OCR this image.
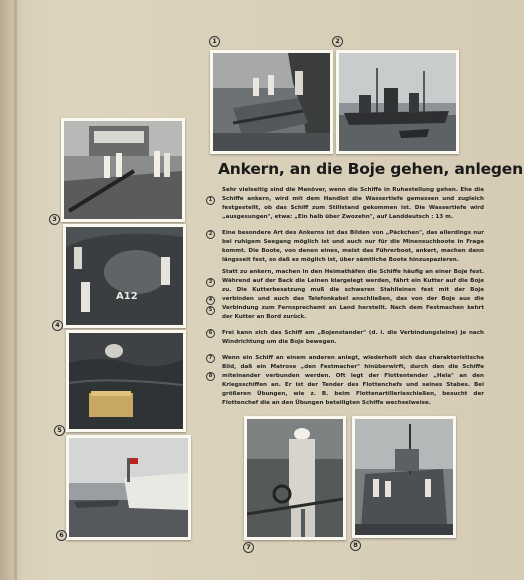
1	2
3
A12
4
5
6
7	8
Ankern, an die Boje gehen, anlegen

Sehr vielseitig sind die Manöver, wenn die Schiffe in Ruhestellung gehen. Ehe die Schiffe ankern, wird mit dem Handlot die Wassertiefe gemessen und zugleich festgestellt, ob das Schiff zum Stillstand gekommen ist. Die Wassertiefe wird „ausgesungen", etwa: „Ein halb über Zwozehn", auf Landdeutsch : 13 m.

Eine besondere Art des Ankerns ist das Bilden von „Päckchen", das allerdings nur bei ruhigem Seegang möglich ist und auch nur für die Minensuchboote in Frage kommt. Die Boote, von denen eines, meist das Führerboot, ankert, machen dann längsseit fest, so daß es möglich ist, über sämtliche Boote hinzuspazieren.

Statt zu ankern, machen in den Heimathäfen die Schiffe häufig an einer Boje fest. Während auf der Back die Leinen klargelegt werden, fährt ein Kutter auf die Boje zu. Die Kutterbesatzung muß die schweren Stahlleinen fest mit der Boje verbinden und auch das Telefonkabel anschließen, das von der Boje aus die Verbindung zum Fernsprechamt an Land herstellt. Nach dem Festmachen kehrt der Kutter an Bord zurück.

Frei kann sich das Schiff am „Bojenstander" (d. i. die Verbindungsleine) je nach Windrichtung um die Boje bewegen.

Wenn ein Schiff an einem anderen anlegt, wiederholt sich das charakteristische Bild, daß ein Matrose „den Festmacher" hinüberwirft, durch den die Schiffe miteinander verbunden werden. Oft legt der Flottentender „Hela" an den Kriegsschiffen an. Er ist der Tender des Flottenchefs und seines Stabes. Bei größeren Übungen, wie z. B. beim Flottenartillerieschießen, besucht der Flottenchef die an den Übungen beteiligten Schiffe wechselweise.

1
2
3
4
5
6
7
8
